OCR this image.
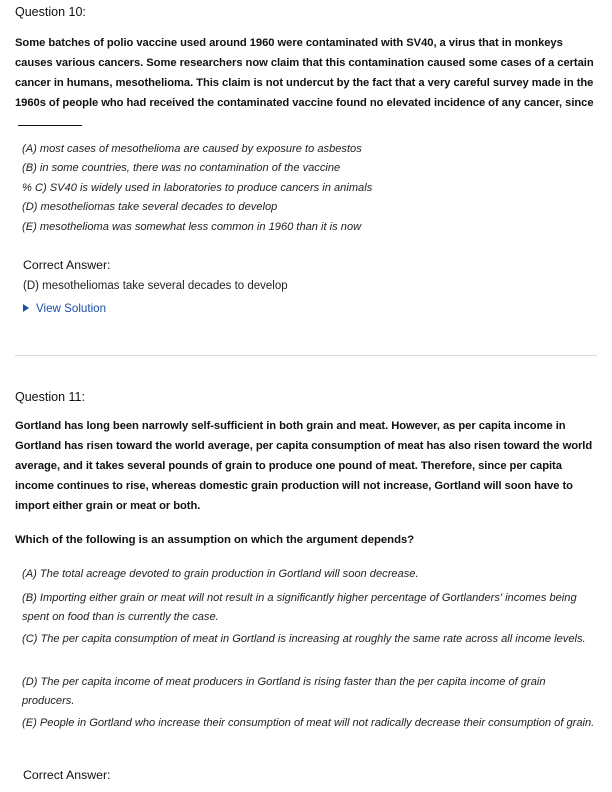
Question 10:
Some batches of polio vaccine used around 1960 were contaminated with SV40, a virus that in monkeys causes various cancers. Some researchers now claim that this contamination caused some cases of a certain cancer in humans, mesothelioma. This claim is not undercut by the fact that a very careful survey made in the 1960s of people who had received the contaminated vaccine found no elevated incidence of any cancer, since
(A) most cases of mesothelioma are caused by exposure to asbestos
(B) in some countries, there was no contamination of the vaccine
% C) SV40 is widely used in laboratories to produce cancers in animals
(D) mesotheliomas take several decades to develop
(E) mesothelioma was somewhat less common in 1960 than it is now
Correct Answer:
(D) mesotheliomas take several decades to develop
View Solution
Question 11:
Gortland has long been narrowly self-sufficient in both grain and meat. However, as per capita income in Gortland has risen toward the world average, per capita consumption of meat has also risen toward the world average, and it takes several pounds of grain to produce one pound of meat. Therefore, since per capita income continues to rise, whereas domestic grain production will not increase, Gortland will soon have to import either grain or meat or both.
Which of the following is an assumption on which the argument depends?
(A) The total acreage devoted to grain production in Gortland will soon decrease.
(B) Importing either grain or meat will not result in a significantly higher percentage of Gortlanders' incomes being spent on food than is currently the case.
(C) The per capita consumption of meat in Gortland is increasing at roughly the same rate across all income levels.
(D) The per capita income of meat producers in Gortland is rising faster than the per capita income of grain producers.
(E) People in Gortland who increase their consumption of meat will not radically decrease their consumption of grain.
Correct Answer:
